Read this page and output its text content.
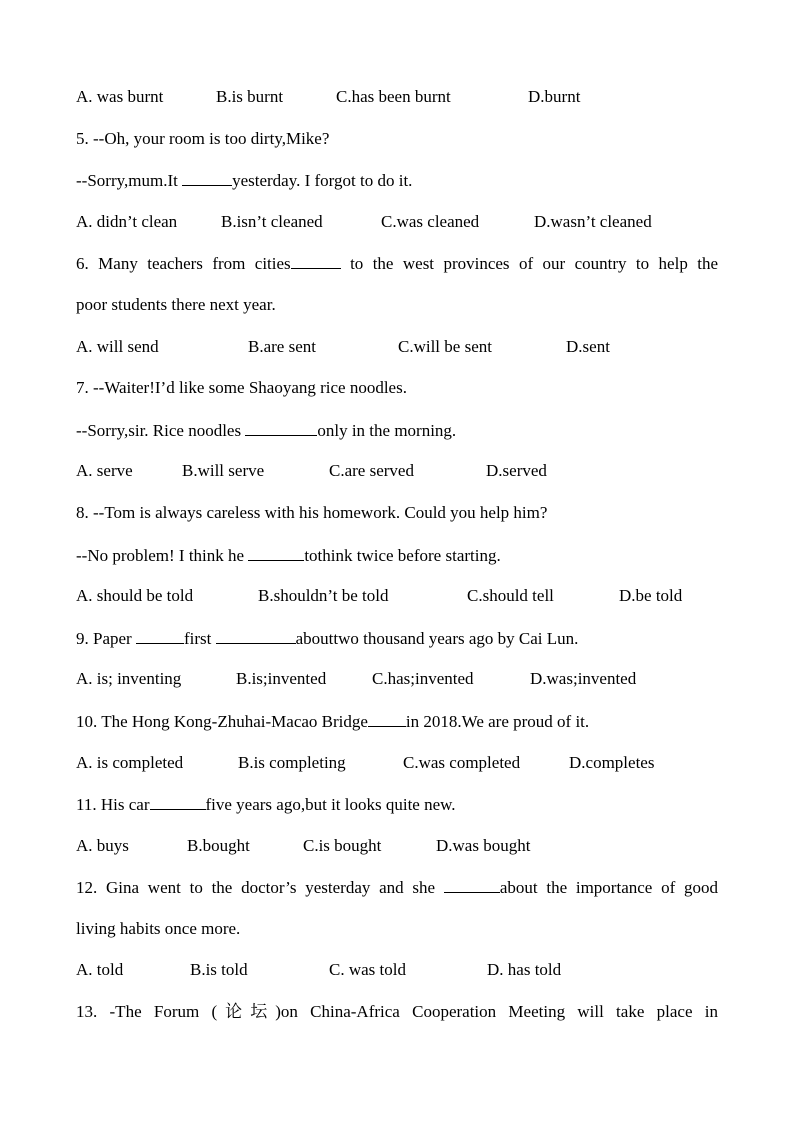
A. was burnt	B.is burnt	C.has been burnt	D.burnt
5. --Oh, your room is too dirty,Mike?
--Sorry,mum.It	yesterday. I forgot to do it.
A. didn’t clean	B.isn’t cleaned	C.was cleaned	D.wasn’t cleaned
6. Many teachers from cities	to the west provinces of our country to help the
poor students there next year.
A. will send	B.are sent	C.will be sent	D.sent
7. --Waiter!I’d like some Shaoyang rice noodles.
--Sorry,sir. Rice noodles	only in the morning.
A. serve	B.will serve	C.are served	D.served
8. --Tom is always careless with his homework. Could you help him?
--No problem! I think he	tothink twice before starting.
A. should be told	B.shouldn’t be told	C.should tell	D.be told
9. Paper	first	abouttwo thousand years ago by Cai Lun.
A. is; inventing	B.is;invented	C.has;invented	D.was;invented
10. The Hong Kong-Zhuhai-Macao Bridge in 2018.We are proud of it.
A. is completed	B.is completing	C.was completed	D.completes
11. His car	five years ago,but it looks quite new.
A. buys	B.bought	C.is bought	D.was bought
12. Gina went to the doctor’s yesterday and she	about the importance of good
living habits once more.
A. told	B.is told	C. was told	D. has told
13. -The Forum (论坛)on China-Africa Cooperation Meeting will take place in
